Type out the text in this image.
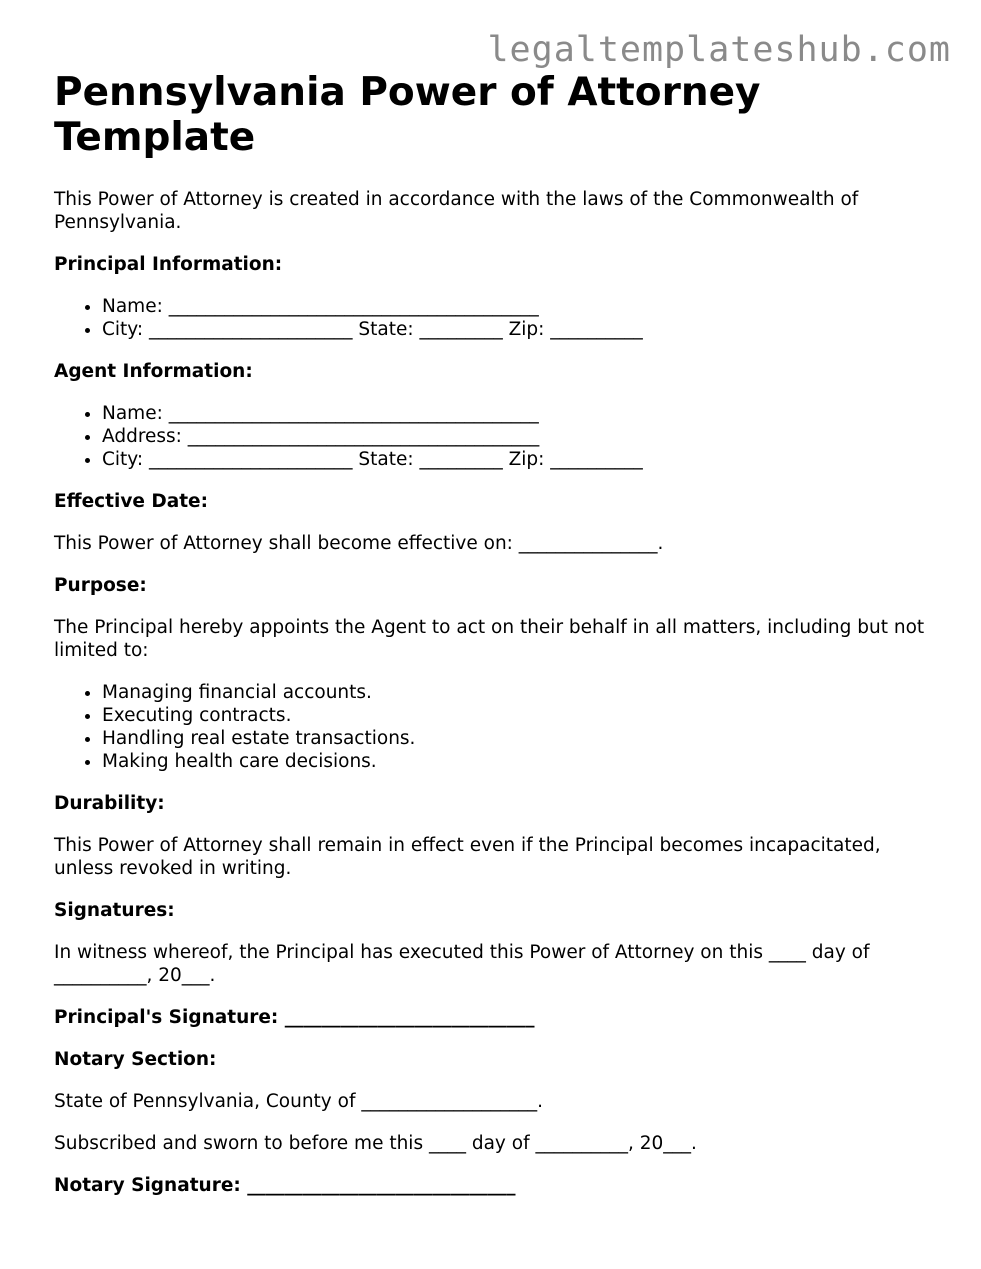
legaltemplateshub.com
Pennsylvania Power of Attorney Template

This Power of Attorney is created in accordance with the laws of the Commonwealth of Pennsylvania.

Principal Information:

• Name: ________________________________________
• City: ______________________ State: _________ Zip: __________

Agent Information:

• Name: ________________________________________
• Address: ______________________________________
• City: ______________________ State: _________ Zip: __________

Effective Date:

This Power of Attorney shall become effective on: _______________.

Purpose:

The Principal hereby appoints the Agent to act on their behalf in all matters, including but not limited to:

• Managing financial accounts.
• Executing contracts.
• Handling real estate transactions.
• Making health care decisions.

Durability:

This Power of Attorney shall remain in effect even if the Principal becomes incapacitated, unless revoked in writing.

Signatures:

In witness whereof, the Principal has executed this Power of Attorney on this ____ day of __________, 20___.

Principal's Signature: ___________________________

Notary Section:

State of Pennsylvania, County of ___________________.

Subscribed and sworn to before me this ____ day of __________, 20___.

Notary Signature: _____________________________
